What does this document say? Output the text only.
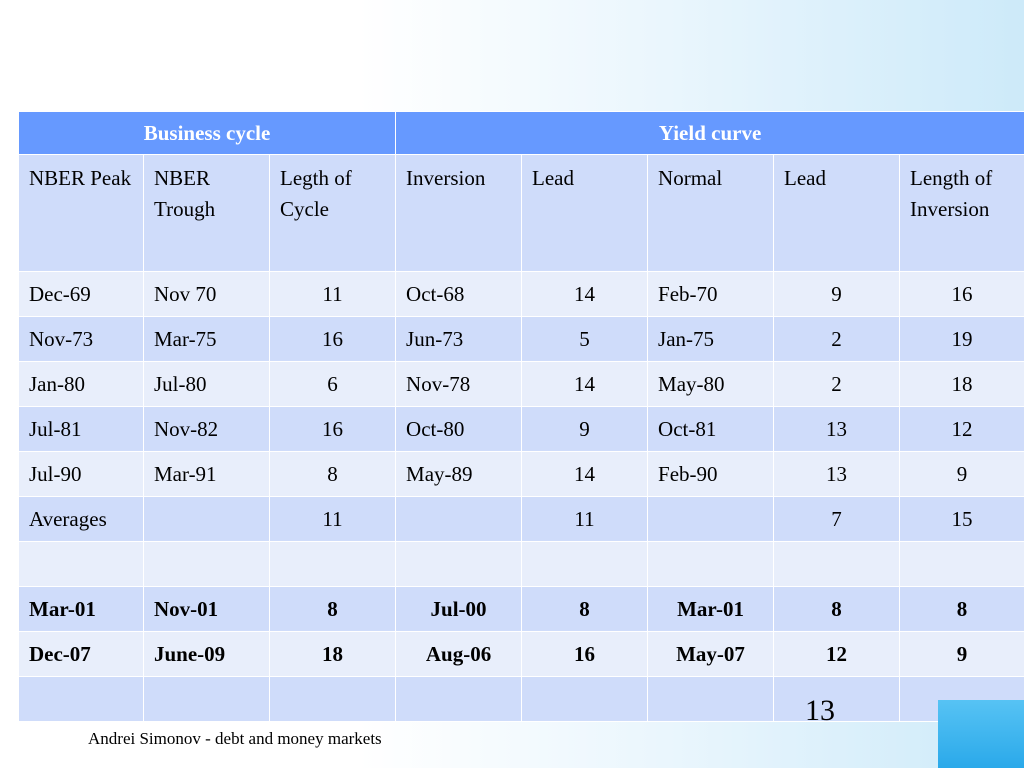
Business cycle			Yield curve				
NBER Peak	NBER Trough	Legth of Cycle	Inversion	Lead	Normal	Lead	Length of Inversion
Dec-69	Nov 70	11	Oct-68	14	Feb-70	9	16
Nov-73	Mar-75	16	Jun-73	5	Jan-75	2	19
Jan-80	Jul-80	6	Nov-78	14	May-80	2	18
Jul-81	Nov-82	16	Oct-80	9	Oct-81	13	12
Jul-90	Mar-91	8	May-89	14	Feb-90	13	9
Averages		11		11		7	15

Mar-01	Nov-01	8	Jul-00	8	Mar-01	8	8
Dec-07	June-09	18	Aug-06	16	May-07	12	9

13
Andrei Simonov - debt and money markets
